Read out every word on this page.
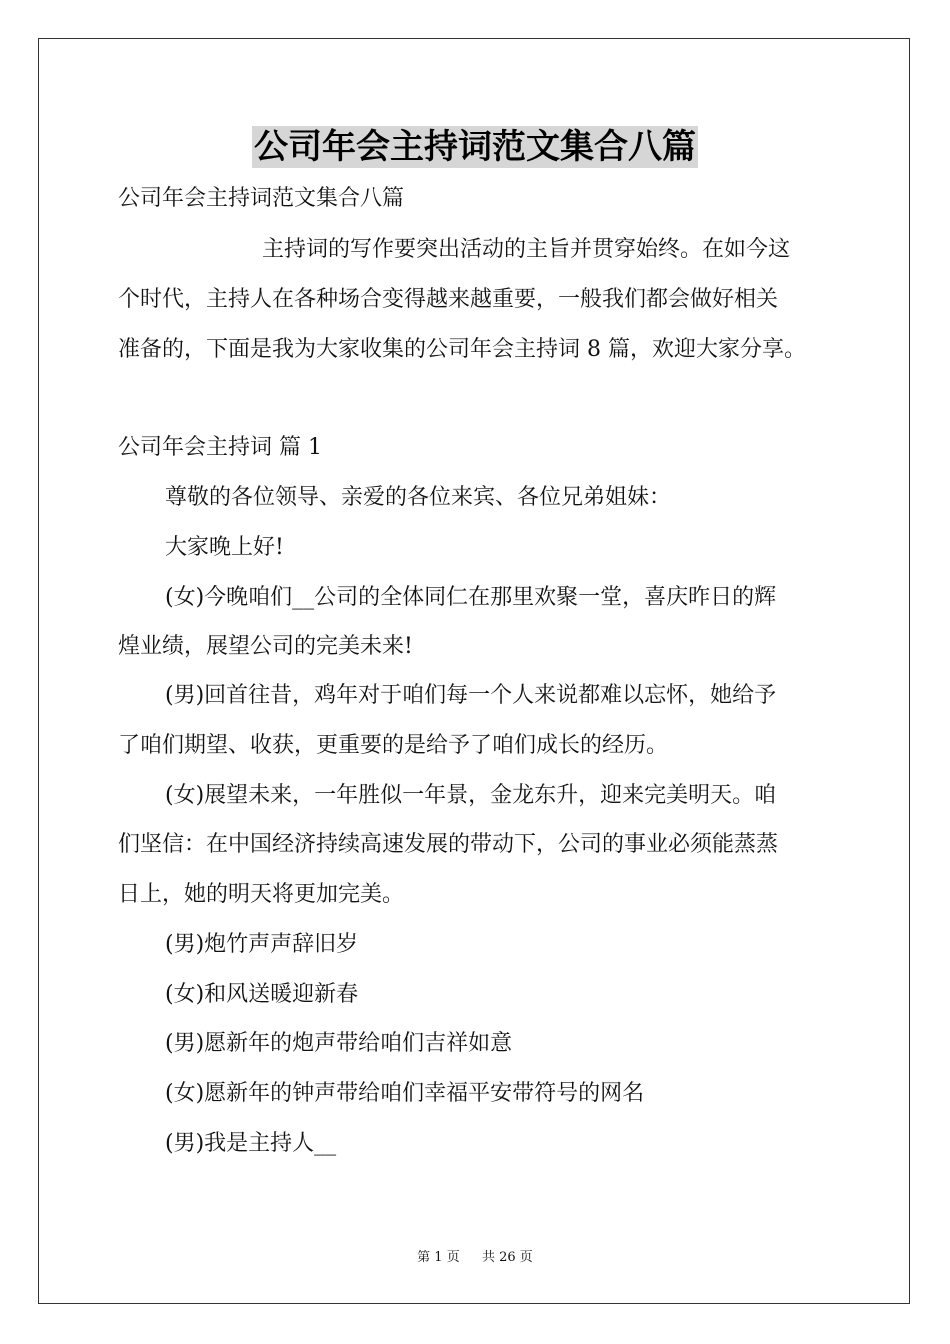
公司年会主持词范文集合八篇
公司年会主持词范文集合八篇
主持词的写作要突出活动的主旨并贯穿始终。在如今这
个时代，主持人在各种场合变得越来越重要，一般我们都会做好相关
准备的，下面是我为大家收集的公司年会主持词 8 篇，欢迎大家分享。
公司年会主持词 篇 1
尊敬的各位领导、亲爱的各位来宾、各位兄弟姐妹：
大家晚上好!
(女)今晚咱们__公司的全体同仁在那里欢聚一堂，喜庆昨日的辉
煌业绩，展望公司的完美未来!
(男)回首往昔，鸡年对于咱们每一个人来说都难以忘怀，她给予
了咱们期望、收获，更重要的是给予了咱们成长的经历。
(女)展望未来，一年胜似一年景，金龙东升，迎来完美明天。咱
们坚信：在中国经济持续高速发展的带动下，公司的事业必须能蒸蒸
日上，她的明天将更加完美。
(男)炮竹声声辞旧岁
(女)和风送暖迎新春
(男)愿新年的炮声带给咱们吉祥如意
(女)愿新年的钟声带给咱们幸福平安带符号的网名
(男)我是主持人__
第 1 页 共 26 页
